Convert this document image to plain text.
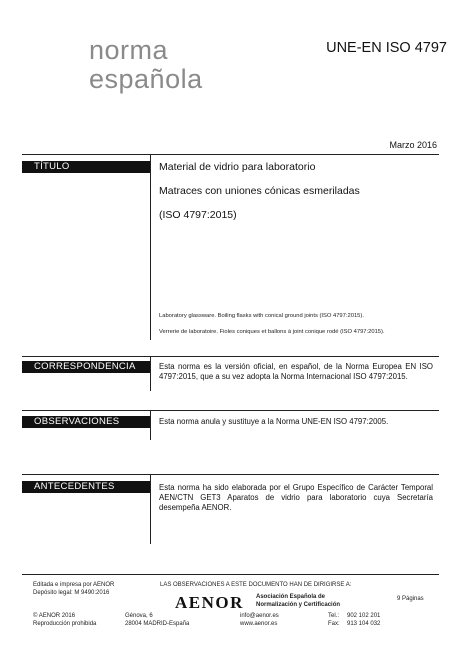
norma
española
UNE-EN ISO 4797
Marzo 2016
TÍTULO	Material de vidrio para laboratorio
Matraces con uniones cónicas esmeriladas
(ISO 4797:2015)
Laboratory glassware. Boiling flasks with conical ground joints (ISO 4797:2015).
Verrerie de laboratoire. Fioles coniques et ballons à joint conique rodé (ISO 4797:2015).
CORRESPONDENCIA	Esta norma es la versión oficial, en español, de la Norma Europea EN ISO 4797:2015, que a su vez adopta la Norma Internacional ISO 4797:2015.
OBSERVACIONES	Esta norma anula y sustituye a la Norma UNE-EN ISO 4797:2005.
ANTECEDENTES	Esta norma ha sido elaborada por el Grupo Específico de Carácter Temporal AEN/CTN GET3 Aparatos de vidrio para laboratorio cuya Secretaría desempeña AENOR.
Editada e impresa por AENOR
Depósito legal: M 9490:2016
© AENOR 2016
Reproducción prohibida
LAS OBSERVACIONES A ESTE DOCUMENTO HAN DE DIRIGIRSE A:
AENOR Asociación Española de
Normalización y Certificación
Génova, 6
28004 MADRID-España
info@aenor.es
www.aenor.es
Tel.:
Fax:
902 102 201
913 104 032
9 Páginas
